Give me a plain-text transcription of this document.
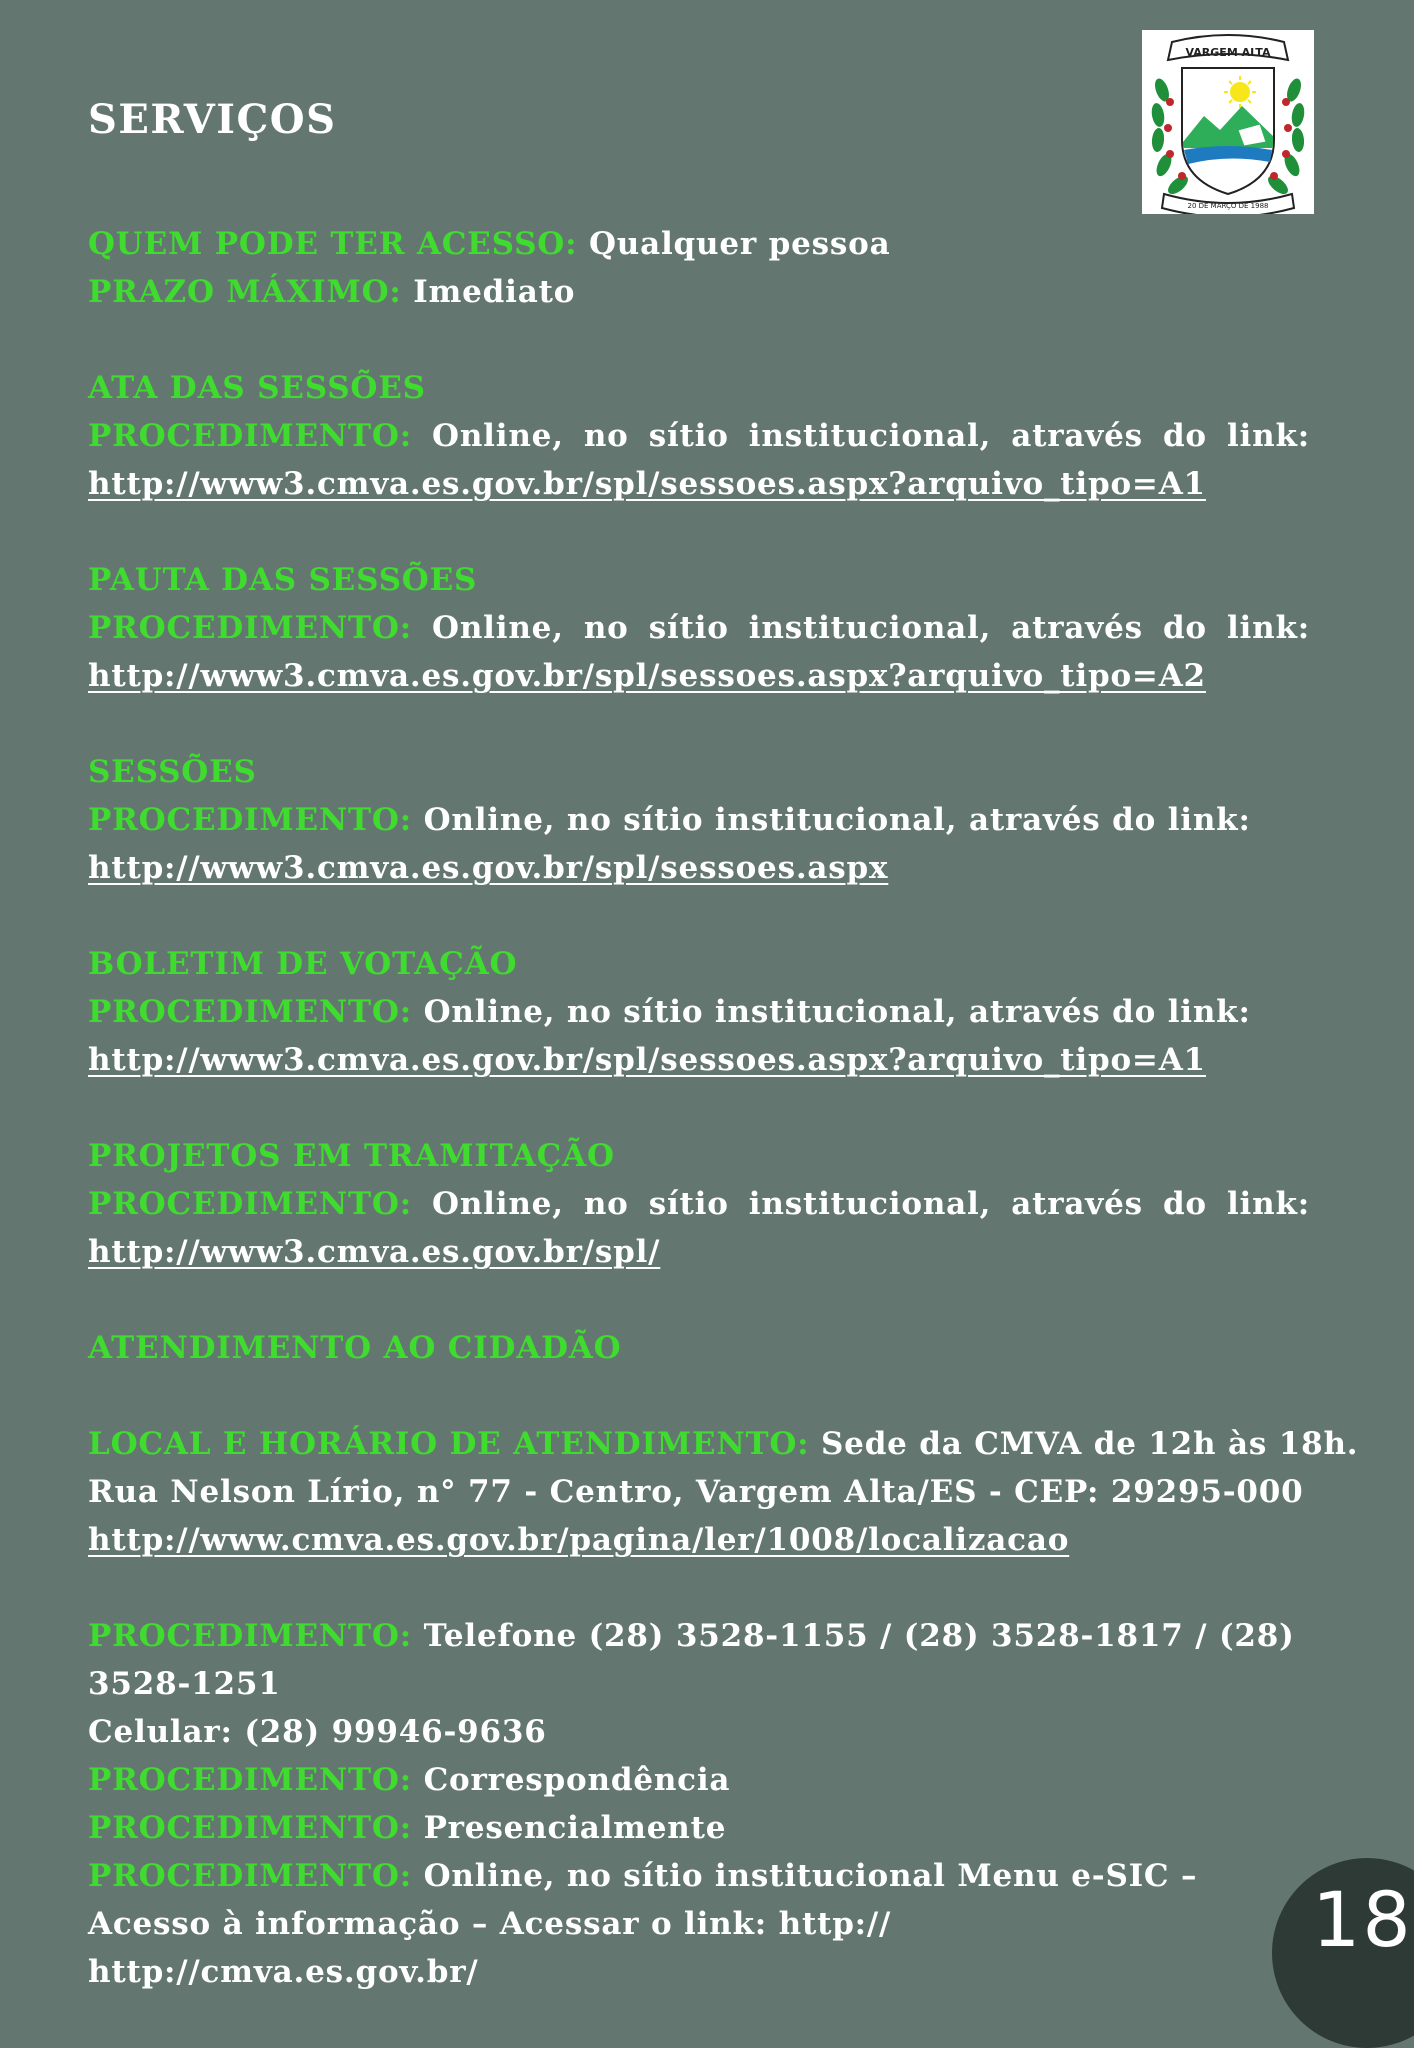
SERVIÇOS
VARGEM ALTA
20 DE MARÇO DE 1988
QUEM PODE TER ACESSO: Qualquer pessoa
PRAZO MÁXIMO: Imediato
ATA DAS SESSÕES
PROCEDIMENTO: Online, no sítio institucional, através do link:
http://www3.cmva.es.gov.br/spl/sessoes.aspx?arquivo_tipo=A1
PAUTA DAS SESSÕES
PROCEDIMENTO: Online, no sítio institucional, através do link:
http://www3.cmva.es.gov.br/spl/sessoes.aspx?arquivo_tipo=A2
SESSÕES
PROCEDIMENTO: Online, no sítio institucional, através do link:
http://www3.cmva.es.gov.br/spl/sessoes.aspx
BOLETIM DE VOTAÇÃO
PROCEDIMENTO: Online, no sítio institucional, através do link:
http://www3.cmva.es.gov.br/spl/sessoes.aspx?arquivo_tipo=A1
PROJETOS EM TRAMITAÇÃO
PROCEDIMENTO: Online, no sítio institucional, através do link:
http://www3.cmva.es.gov.br/spl/
ATENDIMENTO AO CIDADÃO
LOCAL E HORÁRIO DE ATENDIMENTO: Sede da CMVA de 12h às 18h.
Rua Nelson Lírio, n° 77 - Centro, Vargem Alta/ES - CEP: 29295-000
http://www.cmva.es.gov.br/pagina/ler/1008/localizacao
PROCEDIMENTO: Telefone (28) 3528-1155 / (28) 3528-1817 / (28) 3528-1251
Celular: (28) 99946-9636
PROCEDIMENTO: Correspondência
PROCEDIMENTO: Presencialmente
PROCEDIMENTO: Online, no sítio institucional Menu e-SIC – Acesso à informação – Acessar o link: http:// http://cmva.es.gov.br/
18
